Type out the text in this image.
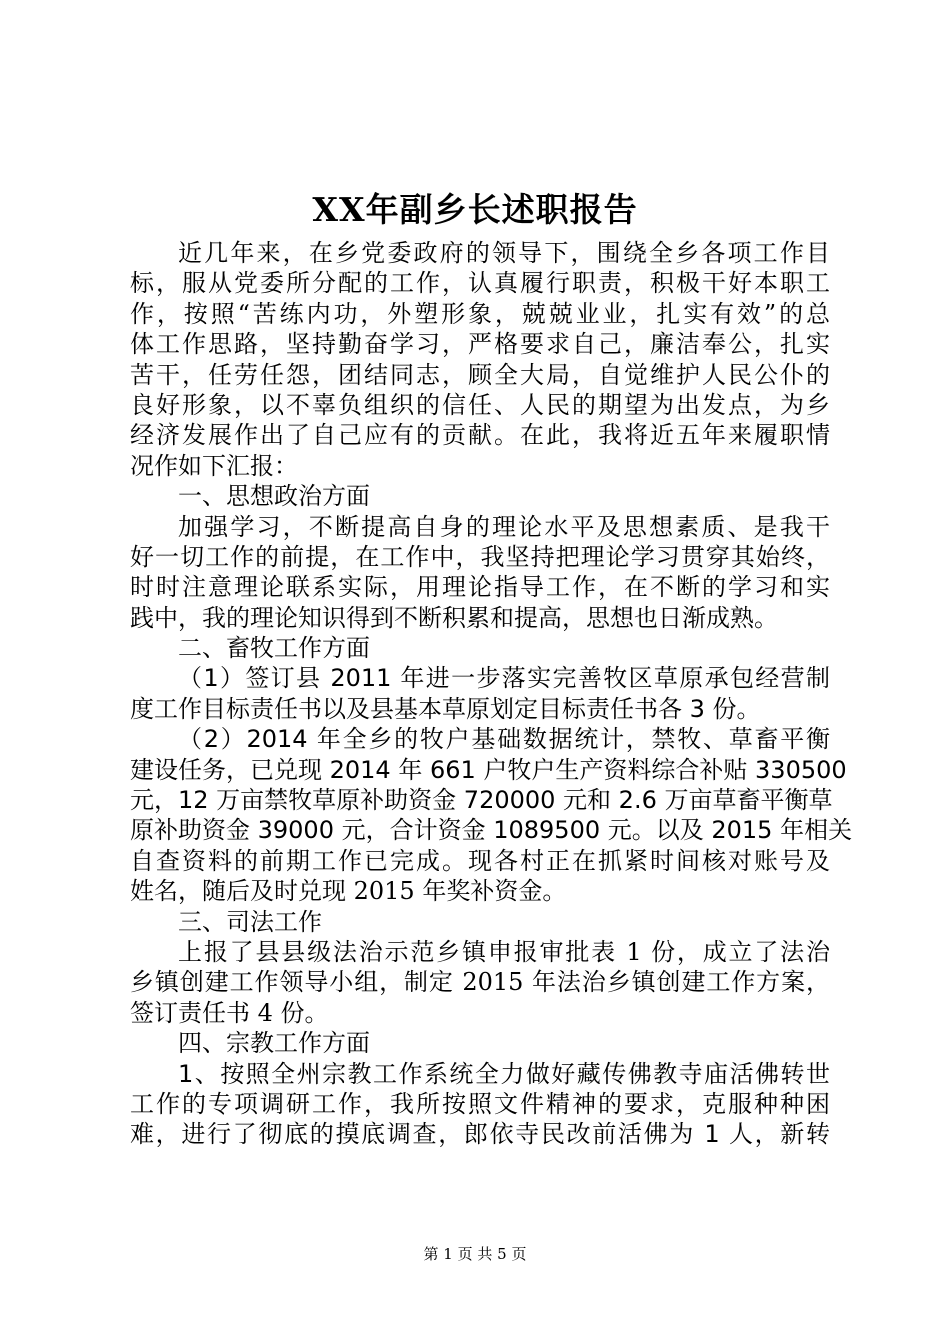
XX年副乡长述职报告
近几年来，在乡党委政府的领导下，围绕全乡各项工作目
标，服从党委所分配的工作，认真履行职责，积极干好本职工
作，按照“苦练内功，外塑形象，兢兢业业，扎实有效”的总
体工作思路，坚持勤奋学习，严格要求自己，廉洁奉公，扎实
苦干，任劳任怨，团结同志，顾全大局，自觉维护人民公仆的
良好形象，以不辜负组织的信任、人民的期望为出发点，为乡
经济发展作出了自己应有的贡献。在此，我将近五年来履职情
况作如下汇报：
一、思想政治方面
加强学习，不断提高自身的理论水平及思想素质、是我干
好一切工作的前提，在工作中，我坚持把理论学习贯穿其始终，
时时注意理论联系实际，用理论指导工作，在不断的学习和实
践中，我的理论知识得到不断积累和提高，思想也日渐成熟。
二、畜牧工作方面
（1）签订县 2011 年进一步落实完善牧区草原承包经营制
度工作目标责任书以及县基本草原划定目标责任书各 3 份。
（2）2014 年全乡的牧户基础数据统计，禁牧、草畜平衡
建设任务，已兑现 2014 年 661 户牧户生产资料综合补贴 330500
元，12 万亩禁牧草原补助资金 720000 元和 2.6 万亩草畜平衡草
原补助资金 39000 元，合计资金 1089500 元。以及 2015 年相关
自查资料的前期工作已完成。现各村正在抓紧时间核对账号及
姓名，随后及时兑现 2015 年奖补资金。
三、司法工作
上报了县县级法治示范乡镇申报审批表 1 份，成立了法治
乡镇创建工作领导小组，制定 2015 年法治乡镇创建工作方案，
签订责任书 4 份。
四、宗教工作方面
1、按照全州宗教工作系统全力做好藏传佛教寺庙活佛转世
工作的专项调研工作，我所按照文件精神的要求，克服种种困
难，进行了彻底的摸底调查，郎依寺民改前活佛为 1 人，新转
第 1 页 共 5 页
